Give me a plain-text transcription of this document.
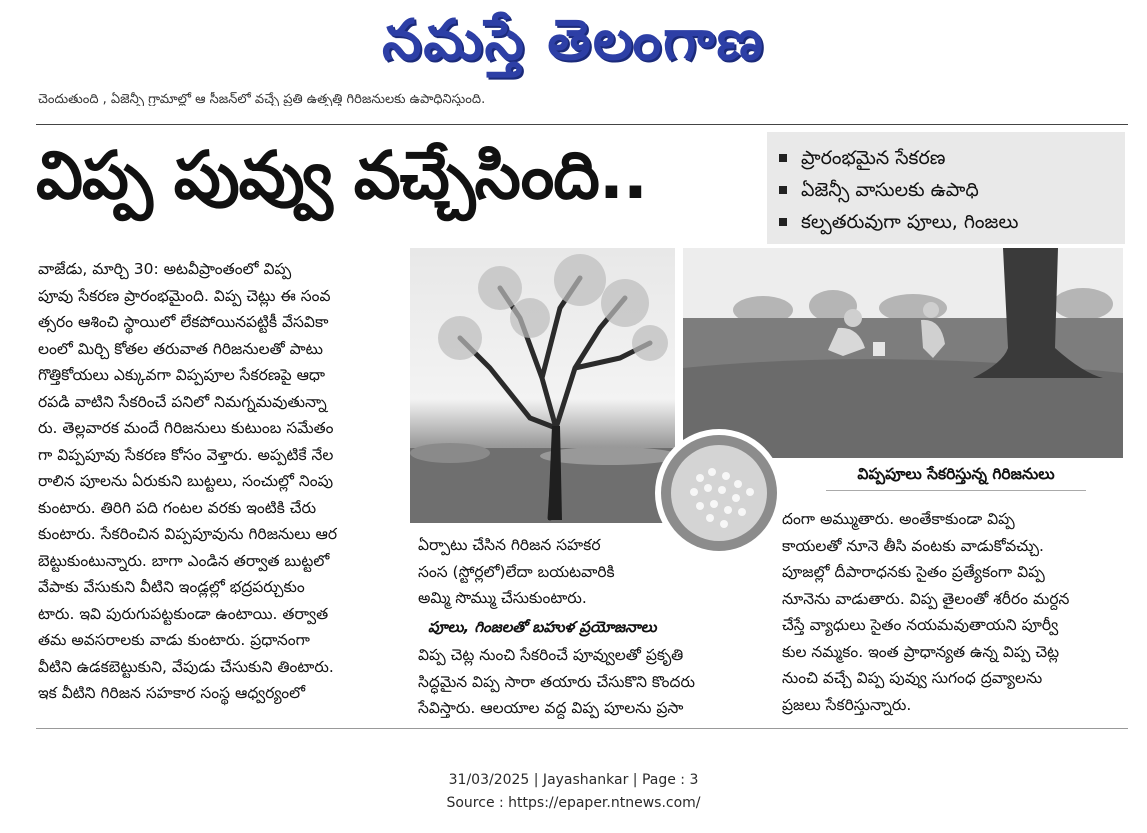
నమస్తే తెలంగాణ
చెందుతుంది , ఏజెన్సీ గ్రామాల్లో ఆ సీజన్‌లో వచ్చే ప్రతి ఉత్పత్తి గిరిజనులకు ఉపాధినిస్తుంది.
విప్ప పువ్వు వచ్చేసింది..	ప్రారంభమైన సేకరణ
ఏజెన్సీ వాసులకు ఉపాధి
కల్పతరువుగా పూలు, గింజలు

వాజేడు, మార్చి 30: అటవీప్రాంతంలో విప్ప

పూవు సేకరణ ప్రారంభమైంది. విప్ప చెట్లు ఈ సంవ

త్సరం ఆశించి స్థాయిలో లేకపోయినపట్టికీ వేసవికా

లంలో మిర్చి కోతల తరువాత గిరిజనులతో పాటు

గొత్తికోయలు ఎక్కువగా విప్పపూల సేకరణపై ఆధా

రపడి వాటిని సేకరించే పనిలో నిమగ్నమవుతున్నా

రు. తెల్లవారక మందే గిరిజనులు కుటుంబ సమేతం

గా విప్పపూవు సేకరణ కోసం వెళ్తారు. అప్పటికే నేల

రాలిన పూలను ఏరుకుని బుట్టలు, సంచుల్లో నింపు

కుంటారు. తిరిగి పది గంటల వరకు ఇంటికి చేరు

కుంటారు. సేకరించిన విప్పపూవును గిరిజనులు ఆర

బెట్టుకుంటున్నారు. బాగా ఎండిన తర్వాత బుట్టలో

వేపాకు వేసుకుని వీటిని ఇండ్లల్లో భద్రపర్చుకుం

టారు. ఇవి పురుగుపట్టకుండా ఉంటాయి. తర్వాత

తమ అవసరాలకు వాడు కుంటారు. ప్రధానంగా

వీటిని ఉడకబెట్టుకుని, వేపుడు చేసుకుని తింటారు.

ఇక వీటిని గిరిజన సహకార సంస్థ ఆధ్వర్యంలో

విప్పపూలు సేకరిస్తున్న గిరిజనులు

ఏర్పాటు చేసిన గిరిజన సహకర

సంస (స్టోర్లలో)లేదా బయటవారికి

అమ్మి సొమ్ము చేసుకుంటారు.

పూలు, గింజలతో బహుళ ప్రయోజనాలు

విప్ప చెట్ల నుంచి సేకరించే పూవ్వులతో ప్రకృతి

సిద్ధమైన విప్ప సారా తయారు చేసుకొని కొందరు

సేవిస్తారు. ఆలయాల వద్ద విప్ప పూలను ప్రసా

దంగా అమ్ముతారు. అంతేకాకుండా విప్ప

కాయలతో నూనె తీసి వంటకు వాడుకోవచ్చు.

పూజల్లో దీపారాధనకు సైతం ప్రత్యేకంగా విప్ప

నూనెను వాడుతారు. విప్ప తైలంతో శరీరం మర్దన

చేస్తే వ్యాధులు సైతం నయమవుతాయని పూర్వీ

కుల నమ్మకం. ఇంత ప్రాధాన్యత ఉన్న విప్ప చెట్ల

నుంచి వచ్చే విప్ప పువ్వు సుగంధ ద్రవ్యాలను

ప్రజలు సేకరిస్తున్నారు.

31/03/2025 | Jayashankar | Page : 3
Source : https://epaper.ntnews.com/
